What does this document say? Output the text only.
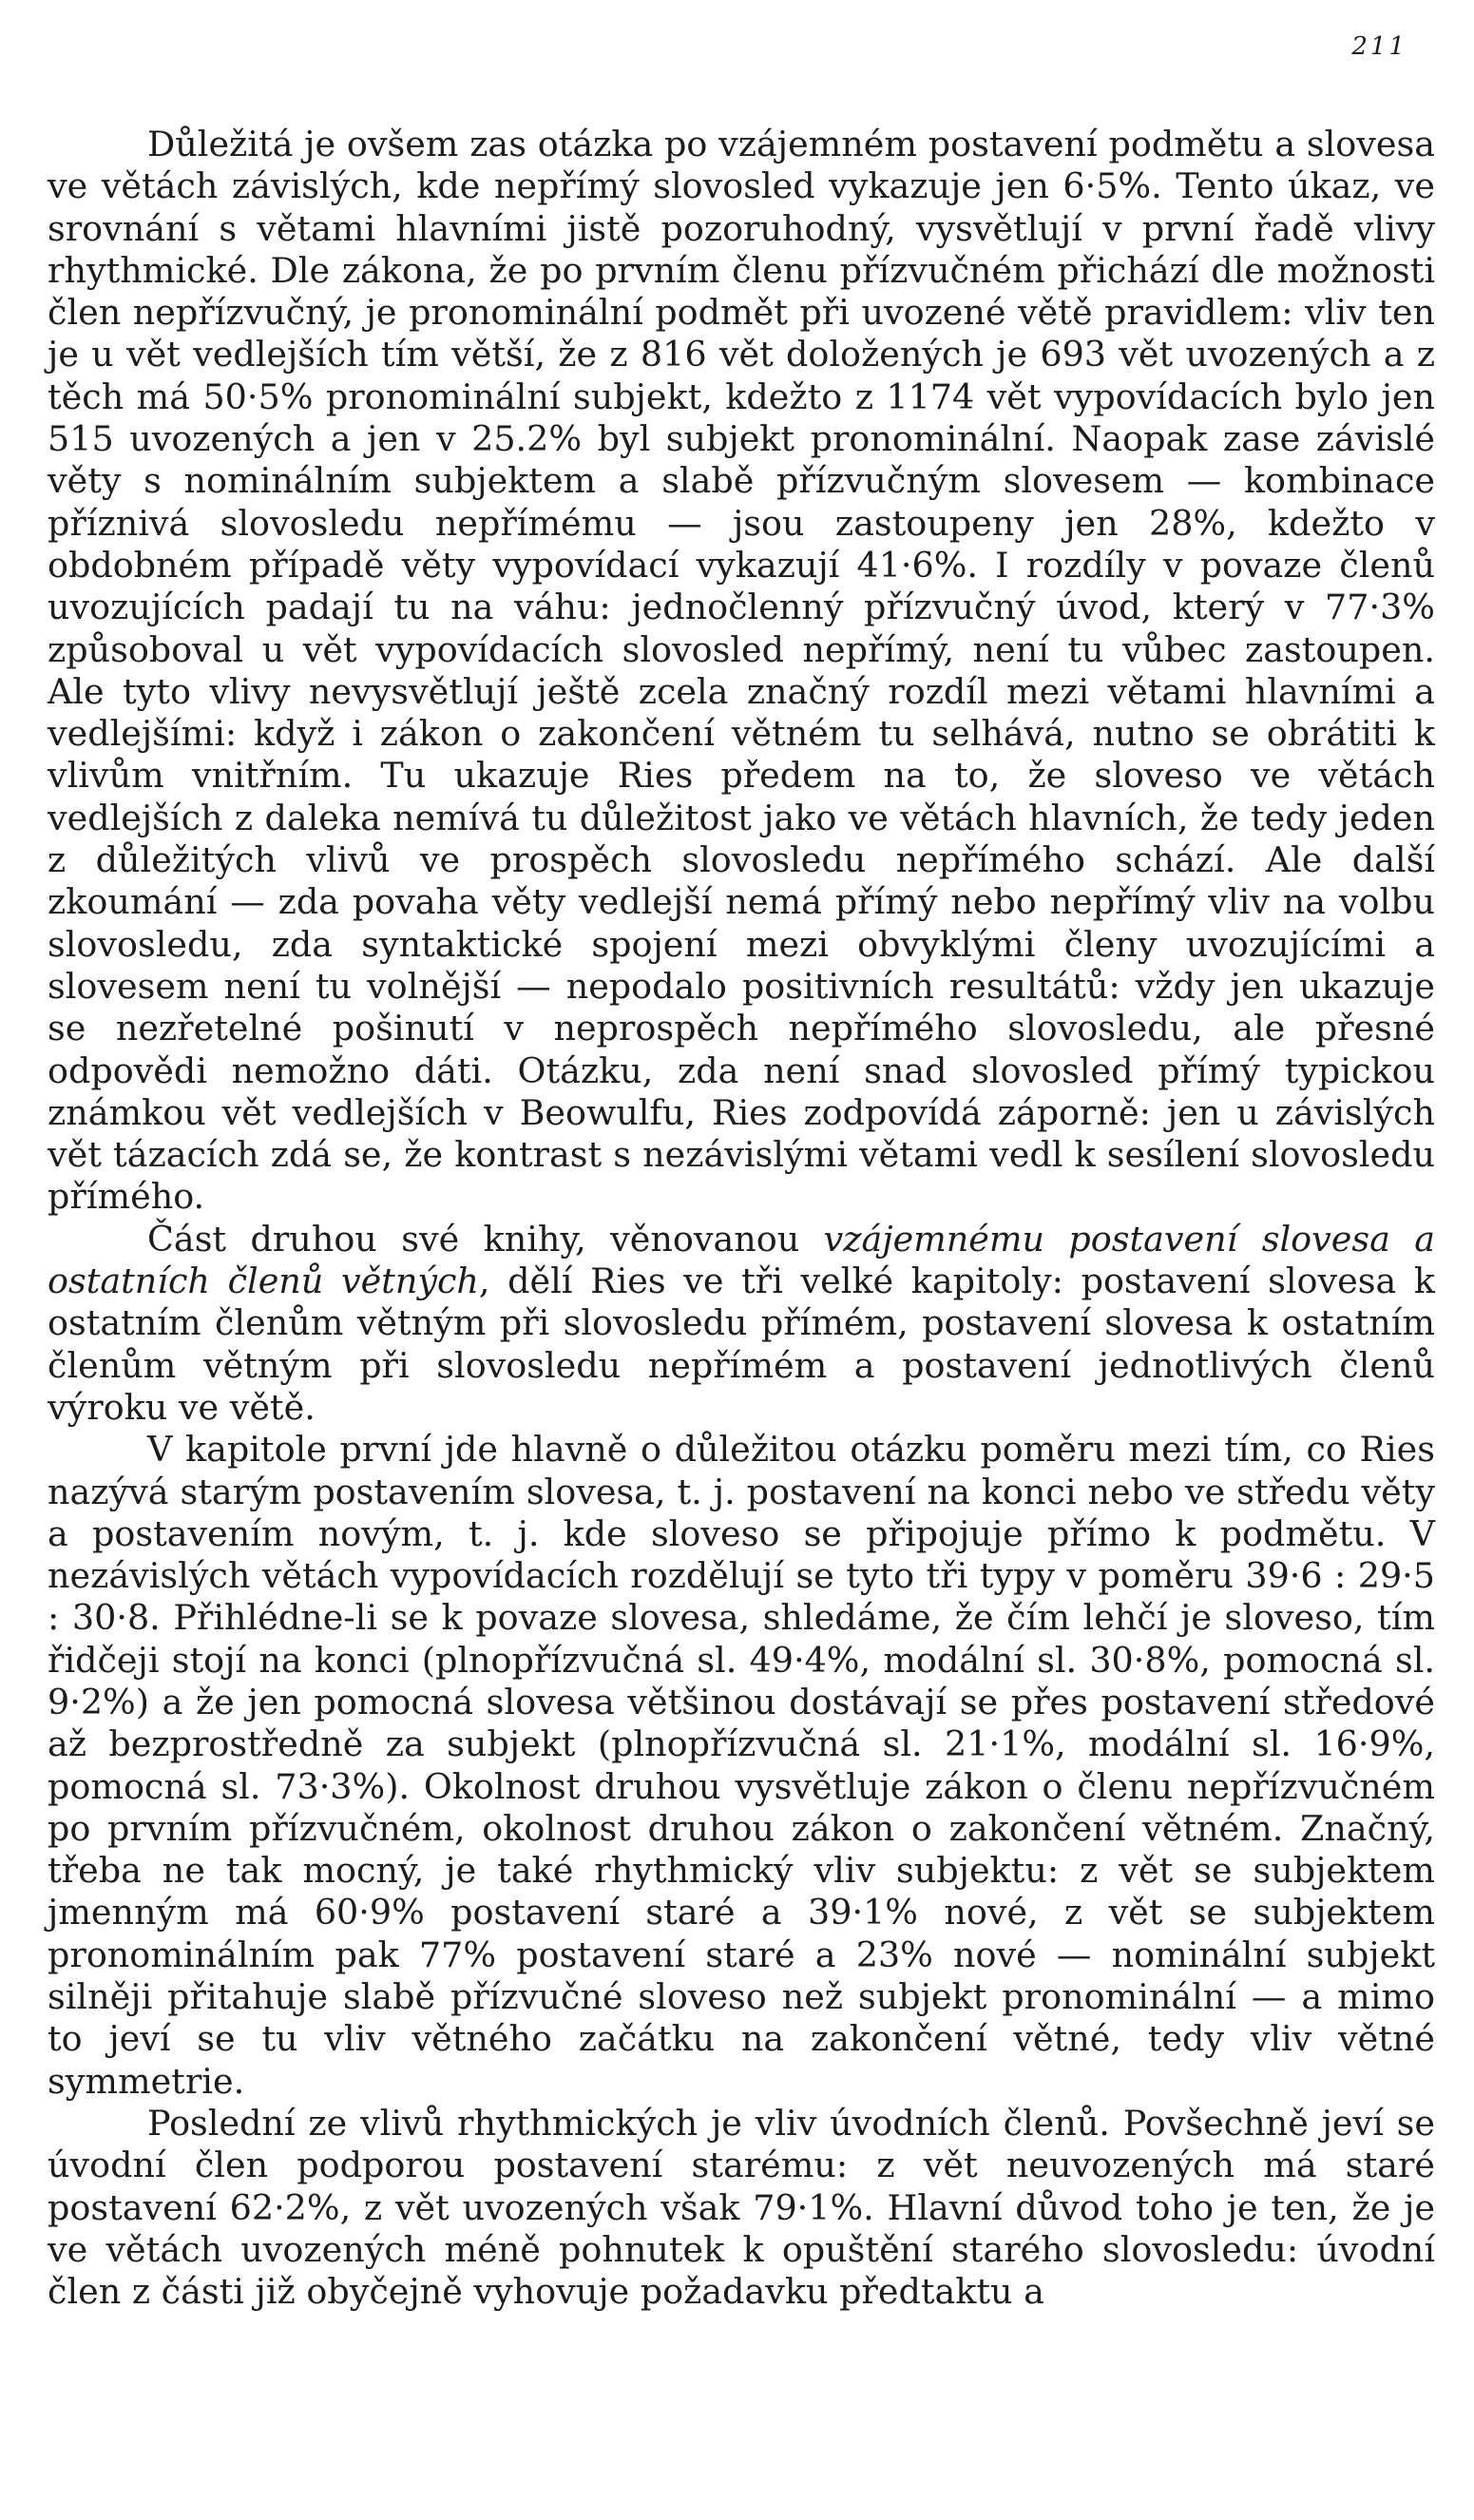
211

Důležitá je ovšem zas otázka po vzájemném postavení podmětu a slovesa ve větách závislých, kde nepřímý slovosled vykazuje jen 6·5%. Tento úkaz, ve srovnání s větami hlavními jistě pozoruhodný, vysvětlují v první řadě vlivy rhythmické. Dle zákona, že po prvním členu přízvučném přichází dle možnosti člen nepřízvučný, je pronominální podmět při uvozené větě pravidlem: vliv ten je u vět vedlejších tím větší, že z 816 vět doložených je 693 vět uvozených a z těch má 50·5% pronominální subjekt, kdežto z 1174 vět vypovídacích bylo jen 515 uvozených a jen v 25.2% byl subjekt pronominální. Naopak zase závislé věty s nominálním subjektem a slabě přízvučným slovesem — kombinace příznivá slovosledu nepřímému — jsou zastoupeny jen 28%, kdežto v obdobném případě věty vypovídací vykazují 41·6%. I rozdíly v povaze členů uvozujících padají tu na váhu: jednočlenný přízvučný úvod, který v 77·3% způsoboval u vět vypovídacích slovosled nepřímý, není tu vůbec zastoupen. Ale tyto vlivy nevysvětlují ještě zcela značný rozdíl mezi větami hlavními a vedlejšími: když i zákon o zakončení větném tu selhává, nutno se obrátiti k vlivům vnitřním. Tu ukazuje Ries předem na to, že sloveso ve větách vedlejších z daleka nemívá tu důležitost jako ve větách hlavních, že tedy jeden z důležitých vlivů ve prospěch slovosledu nepřímého schází. Ale další zkoumání — zda povaha věty vedlejší nemá přímý nebo nepřímý vliv na volbu slovosledu, zda syntaktické spojení mezi obvyklými členy uvozujícími a slovesem není tu volnější — nepodalo positivních resultátů: vždy jen ukazuje se nezřetelné pošinutí v neprospěch nepřímého slovosledu, ale přesné odpovědi nemožno dáti. Otázku, zda není snad slovosled přímý typickou známkou vět vedlejších v Beowulfu, Ries zodpovídá záporně: jen u závislých vět tázacích zdá se, že kontrast s nezávislými větami vedl k sesílení slovosledu přímého.

Část druhou své knihy, věnovanou vzájemnému postavení slovesa a ostatních členů větných, dělí Ries ve tři velké kapitoly: postavení slovesa k ostatním členům větným při slovosledu přímém, postavení slovesa k ostatním členům větným při slovosledu nepřímém a postavení jednotlivých členů výroku ve větě.

V kapitole první jde hlavně o důležitou otázku poměru mezi tím, co Ries nazývá starým postavením slovesa, t. j. postavení na konci nebo ve středu věty a postavením novým, t. j. kde sloveso se připojuje přímo k podmětu. V nezávislých větách vypovídacích rozdělují se tyto tři typy v poměru 39·6 : 29·5 : 30·8. Přihlédne-li se k povaze slovesa, shledáme, že čím lehčí je sloveso, tím řidčeji stojí na konci (plnopřízvučná sl. 49·4%, modální sl. 30·8%, pomocná sl. 9·2%) a že jen pomocná slovesa většinou dostávají se přes postavení středové až bezprostředně za subjekt (plnopřízvučná sl. 21·1%, modální sl. 16·9%, pomocná sl. 73·3%). Okolnost druhou vysvětluje zákon o členu nepřízvučném po prvním přízvučném, okolnost druhou zákon o zakončení větném. Značný, třeba ne tak mocný, je také rhythmický vliv subjektu: z vět se subjektem jmenným má 60·9% postavení staré a 39·1% nové, z vět se subjektem pronominálním pak 77% postavení staré a 23% nové — nominální subjekt silněji přitahuje slabě přízvučné sloveso než subjekt pronominální — a mimo to jeví se tu vliv větného začátku na zakončení větné, tedy vliv větné symmetrie.

Poslední ze vlivů rhythmických je vliv úvodních členů. Povšechně jeví se úvodní člen podporou postavení starému: z vět neuvozených má staré postavení 62·2%, z vět uvozených však 79·1%. Hlavní důvod toho je ten, že je ve větách uvozených méně pohnutek k opuštění starého slovosledu: úvodní člen z části již obyčejně vyhovuje požadavku předtaktu a
